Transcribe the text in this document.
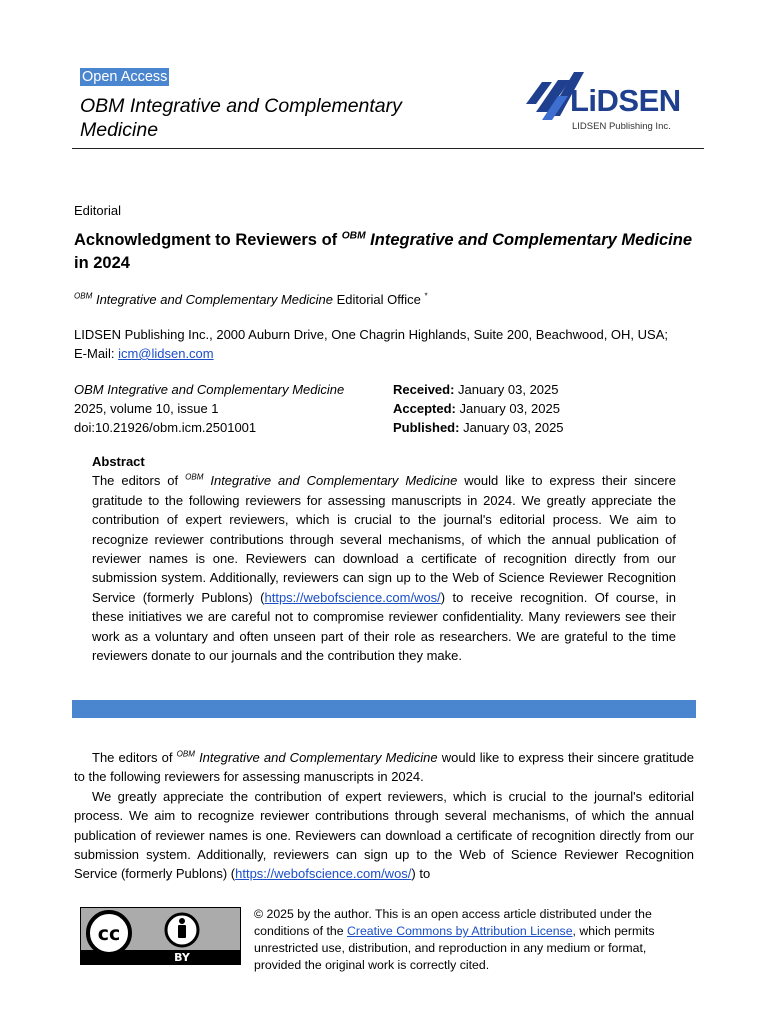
Open Access
OBM Integrative and Complementary
Medicine
LiDSEN
LIDSEN Publishing Inc.
Editorial
Acknowledgment to Reviewers of $^{OBM}$ Integrative and Complementary Medicine in 2024
$^{OBM}$ Integrative and Complementary Medicine Editorial Office *
LIDSEN Publishing Inc., 2000 Auburn Drive, One Chagrin Highlands, Suite 200, Beachwood, OH, USA;
E-Mail: icm@lidsen.com
OBM Integrative and Complementary Medicine
2025, volume 10, issue 1
doi:10.21926/obm.icm.2501001
Received: January 03, 2025
Accepted: January 03, 2025
Published: January 03, 2025
Abstract
The editors of $^{OBM}$ Integrative and Complementary Medicine would like to express their sincere gratitude to the following reviewers for assessing manuscripts in 2024. We greatly appreciate the contribution of expert reviewers, which is crucial to the journal's editorial process. We aim to recognize reviewer contributions through several mechanisms, of which the annual publication of reviewer names is one. Reviewers can download a certificate of recognition directly from our submission system. Additionally, reviewers can sign up to the Web of Science Reviewer Recognition Service (formerly Publons) (https://webofscience.com/wos/) to receive recognition. Of course, in these initiatives we are careful not to compromise reviewer confidentiality. Many reviewers see their work as a voluntary and often unseen part of their role as researchers. We are grateful to the time reviewers donate to our journals and the contribution they make.

The editors of $^{OBM}$ Integrative and Complementary Medicine would like to express their sincere gratitude to the following reviewers for assessing manuscripts in 2024.

We greatly appreciate the contribution of expert reviewers, which is crucial to the journal's editorial process. We aim to recognize reviewer contributions through several mechanisms, of which the annual publication of reviewer names is one. Reviewers can download a certificate of recognition directly from our submission system. Additionally, reviewers can sign up to the Web of Science Reviewer Recognition Service (formerly Publons) (https://webofscience.com/wos/) to

cc
BY
© 2025 by the author. This is an open access article distributed under the conditions of the Creative Commons by Attribution License, which permits unrestricted use, distribution, and reproduction in any medium or format, provided the original work is correctly cited.
